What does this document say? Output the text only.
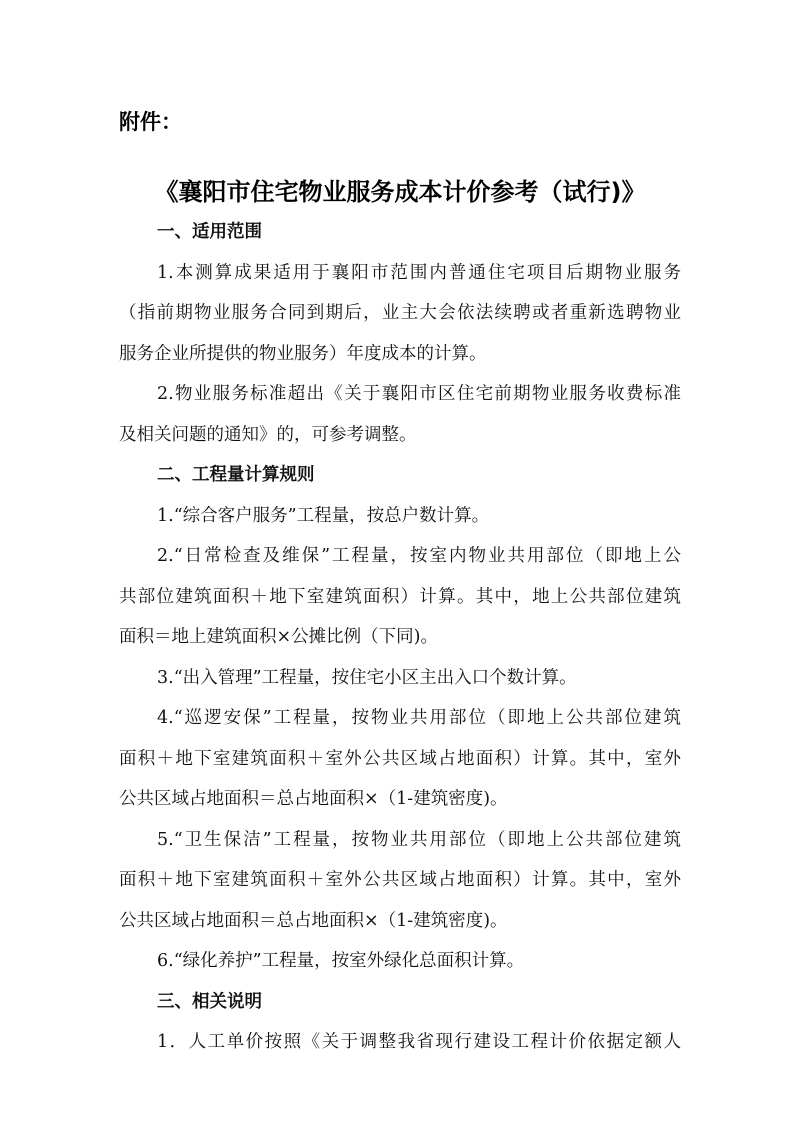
附件：
《襄阳市住宅物业服务成本计价参考（试行)》
一、适用范围
1.本测算成果适用于襄阳市范围内普通住宅项目后期物业服务
（指前期物业服务合同到期后，业主大会依法续聘或者重新选聘物业
服务企业所提供的物业服务）年度成本的计算。
2.物业服务标准超出《关于襄阳市区住宅前期物业服务收费标准
及相关问题的通知》的，可参考调整。
二、工程量计算规则
1.“综合客户服务”工程量，按总户数计算。
2.“日常检查及维保”工程量，按室内物业共用部位（即地上公
共部位建筑面积＋地下室建筑面积）计算。其中，地上公共部位建筑
面积＝地上建筑面积×公摊比例（下同)。
3.“出入管理”工程量，按住宅小区主出入口个数计算。
4.“巡逻安保”工程量，按物业共用部位（即地上公共部位建筑
面积＋地下室建筑面积＋室外公共区域占地面积）计算。其中，室外
公共区域占地面积＝总占地面积×（1-建筑密度)。
5.“卫生保洁”工程量，按物业共用部位（即地上公共部位建筑
面积＋地下室建筑面积＋室外公共区域占地面积）计算。其中，室外
公共区域占地面积＝总占地面积×（1-建筑密度)。
6.“绿化养护”工程量，按室外绿化总面积计算。
三、相关说明
1．人工单价按照《关于调整我省现行建设工程计价依据定额人
